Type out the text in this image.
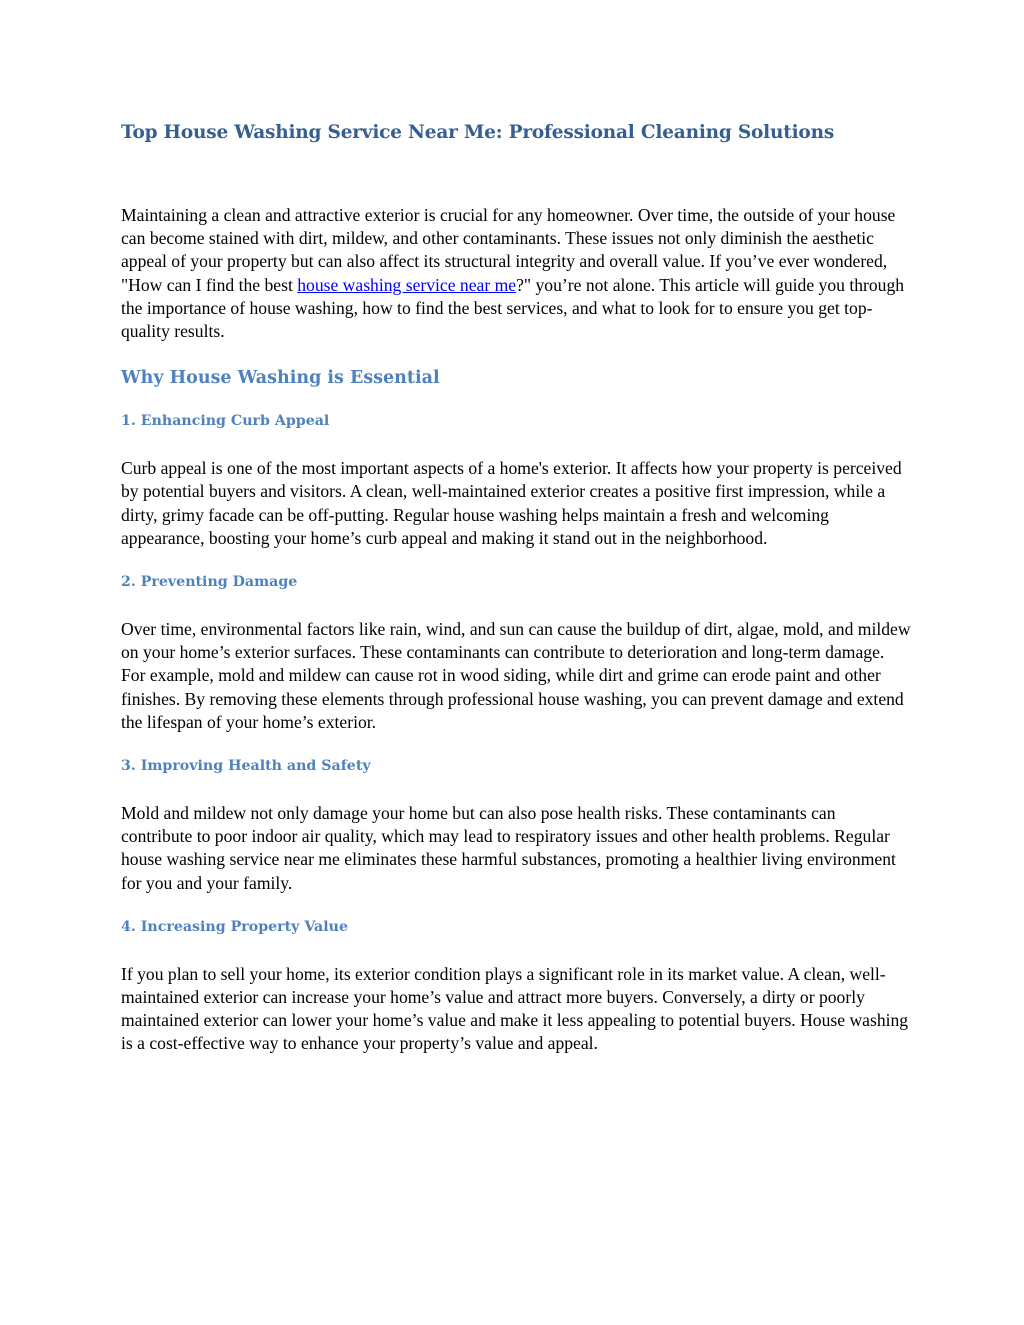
Top House Washing Service Near Me: Professional Cleaning Solutions

Maintaining a clean and attractive exterior is crucial for any homeowner. Over time, the outside of your house can become stained with dirt, mildew, and other contaminants. These issues not only diminish the aesthetic appeal of your property but can also affect its structural integrity and overall value. If you’ve ever wondered, "How can I find the best house washing service near me?" you’re not alone. This article will guide you through the importance of house washing, how to find the best services, and what to look for to ensure you get top-quality results.

Why House Washing is Essential
1. Enhancing Curb Appeal

Curb appeal is one of the most important aspects of a home's exterior. It affects how your property is perceived by potential buyers and visitors. A clean, well-maintained exterior creates a positive first impression, while a dirty, grimy facade can be off-putting. Regular house washing helps maintain a fresh and welcoming appearance, boosting your home’s curb appeal and making it stand out in the neighborhood.

2. Preventing Damage

Over time, environmental factors like rain, wind, and sun can cause the buildup of dirt, algae, mold, and mildew on your home’s exterior surfaces. These contaminants can contribute to deterioration and long-term damage. For example, mold and mildew can cause rot in wood siding, while dirt and grime can erode paint and other finishes. By removing these elements through professional house washing, you can prevent damage and extend the lifespan of your home’s exterior.

3. Improving Health and Safety

Mold and mildew not only damage your home but can also pose health risks. These contaminants can contribute to poor indoor air quality, which may lead to respiratory issues and other health problems. Regular house washing service near me eliminates these harmful substances, promoting a healthier living environment for you and your family.

4. Increasing Property Value

If you plan to sell your home, its exterior condition plays a significant role in its market value. A clean, well-maintained exterior can increase your home’s value and attract more buyers. Conversely, a dirty or poorly maintained exterior can lower your home’s value and make it less appealing to potential buyers. House washing is a cost-effective way to enhance your property’s value and appeal.
